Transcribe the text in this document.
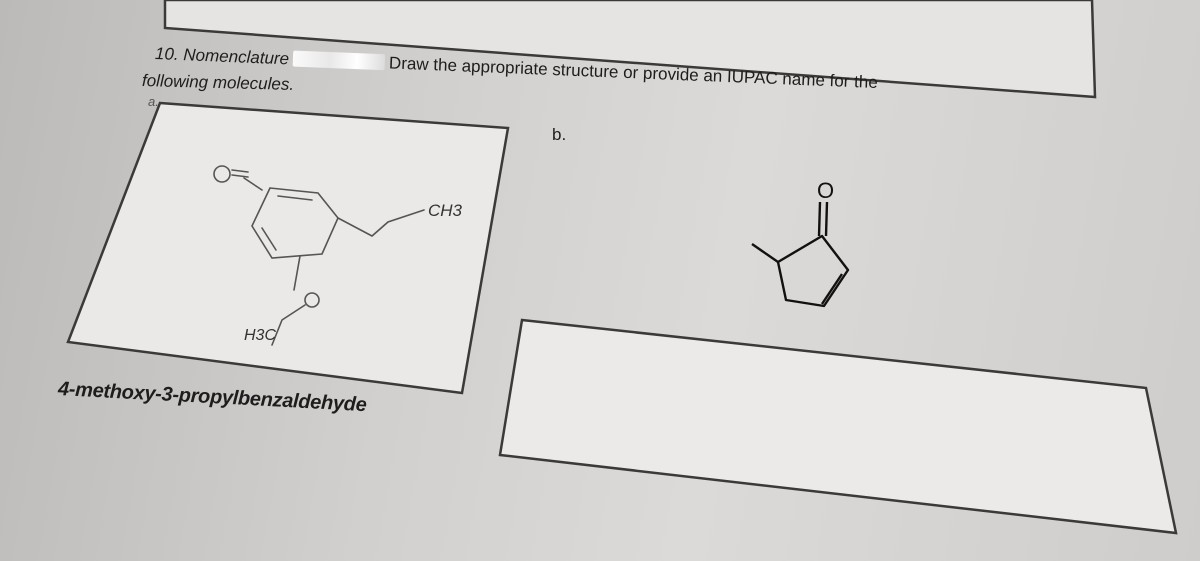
CH3
H3C
O
10. Nomenclature	Draw the appropriate structure or provide an IUPAC name for the
following molecules.
a.
b.
4-methoxy-3-propylbenzaldehyde
